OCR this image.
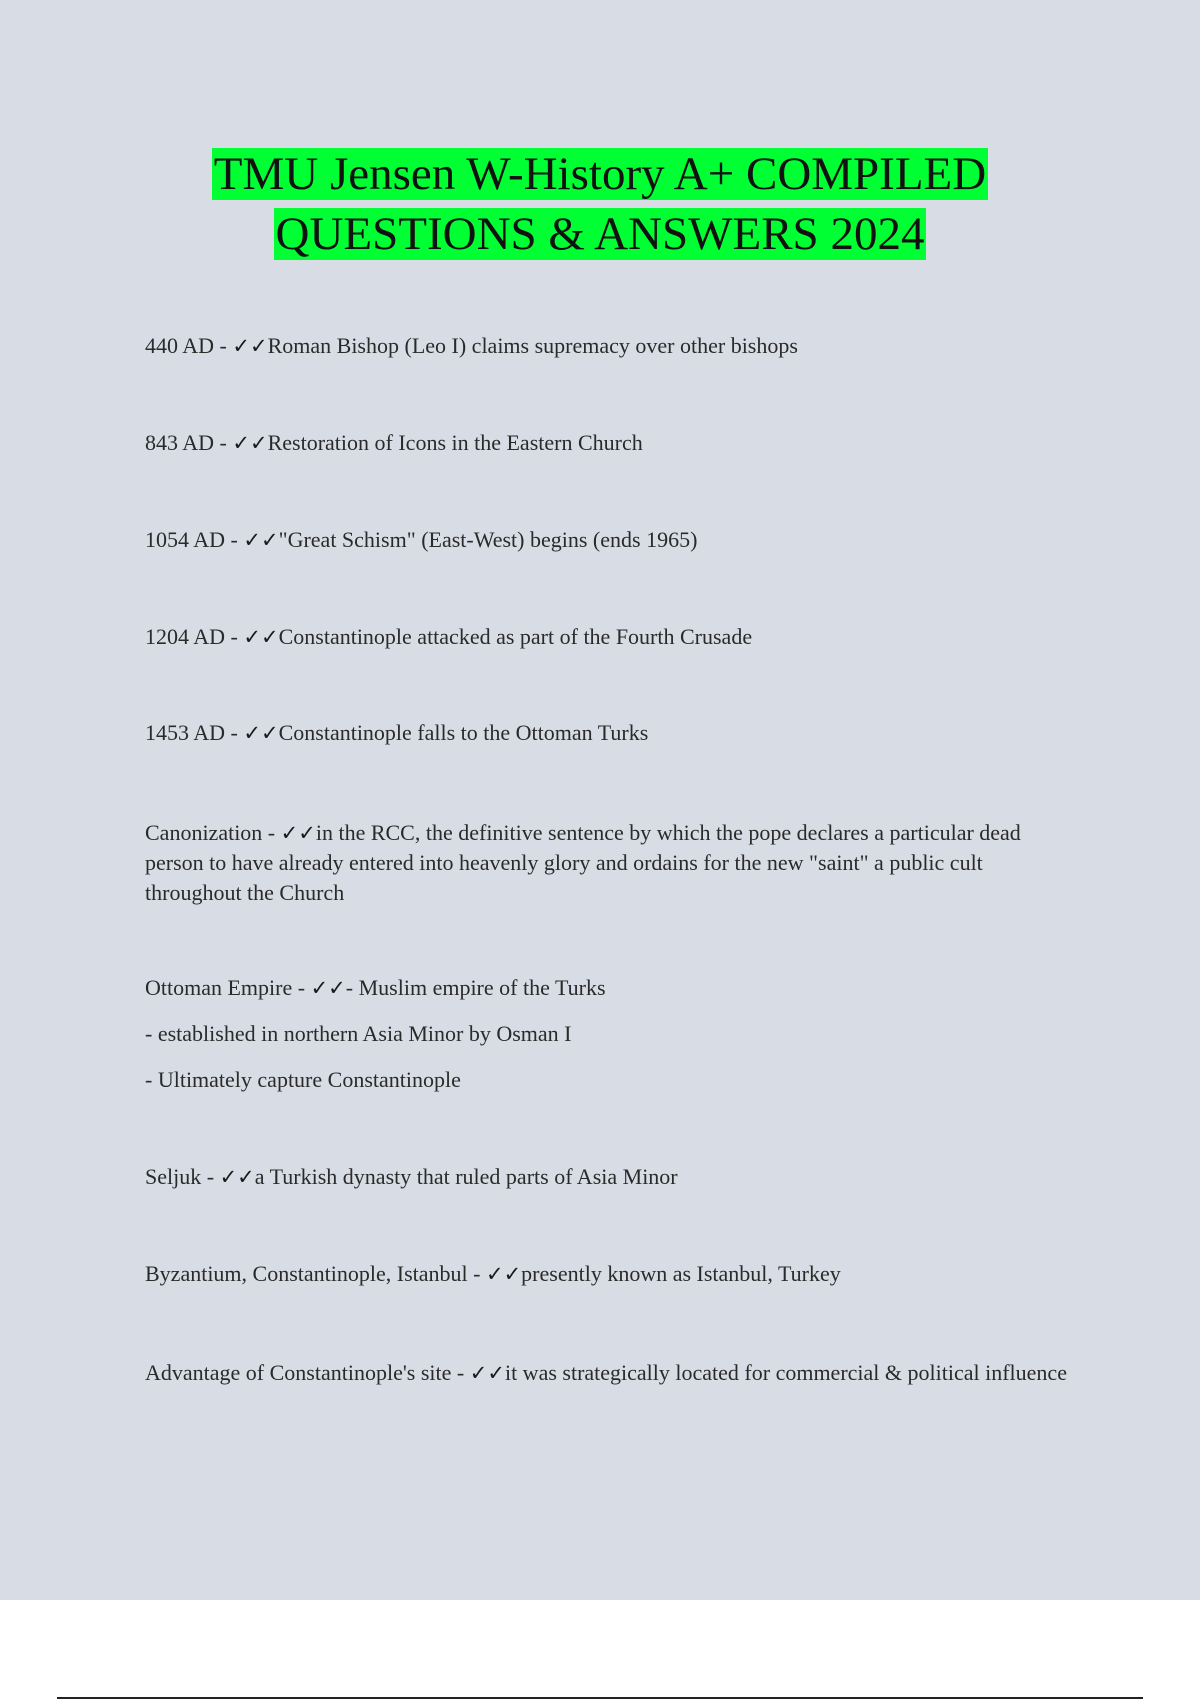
TMU Jensen W-History A+ COMPILED
QUESTIONS & ANSWERS 2024
440 AD - ✓✓Roman Bishop (Leo I) claims supremacy over other bishops
843 AD - ✓✓Restoration of Icons in the Eastern Church
1054 AD - ✓✓"Great Schism" (East-West) begins (ends 1965)
1204 AD - ✓✓Constantinople attacked as part of the Fourth Crusade
1453 AD - ✓✓Constantinople falls to the Ottoman Turks
Canonization - ✓✓in the RCC, the definitive sentence by which the pope declares a particular dead person to have already entered into heavenly glory and ordains for the new "saint" a public cult throughout the Church
Ottoman Empire - ✓✓- Muslim empire of the Turks
- established in northern Asia Minor by Osman I
- Ultimately capture Constantinople
Seljuk - ✓✓a Turkish dynasty that ruled parts of Asia Minor
Byzantium, Constantinople, Istanbul - ✓✓presently known as Istanbul, Turkey
Advantage of Constantinople's site - ✓✓it was strategically located for commercial & political influence
